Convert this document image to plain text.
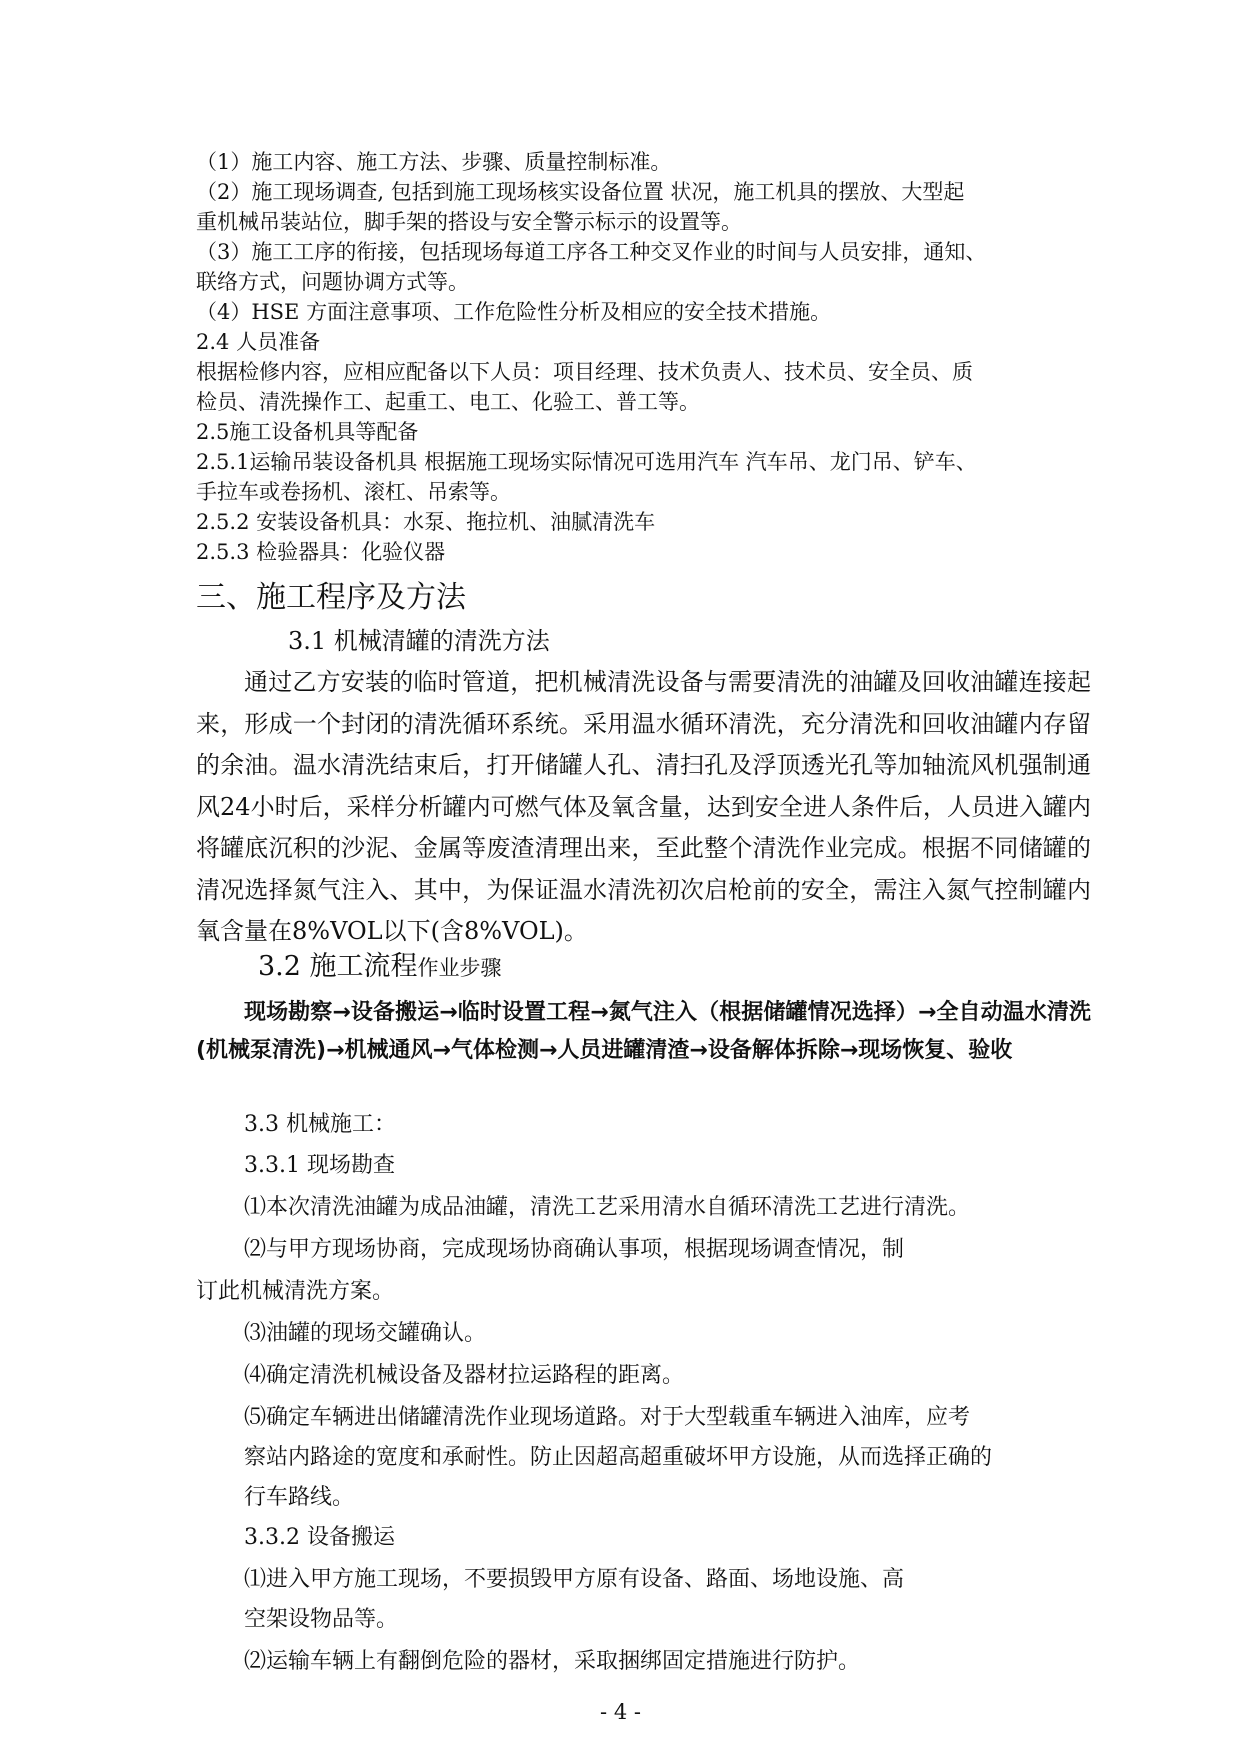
（1）施工内容、施工方法、步骤、质量控制标准。
（2）施工现场调查, 包括到施工现场核实设备位置 状况，施工机具的摆放、大型起
重机械吊装站位，脚手架的搭设与安全警示标示的设置等。
（3）施工工序的衔接，包括现场每道工序各工种交叉作业的时间与人员安排，通知、
联络方式，问题协调方式等。
（4）HSE 方面注意事项、工作危险性分析及相应的安全技术措施。
2.4 人员准备
根据检修内容，应相应配备以下人员：项目经理、技术负责人、技术员、安全员、质
检员、清洗操作工、起重工、电工、化验工、普工等。
2.5施工设备机具等配备
2.5.1运输吊装设备机具 根据施工现场实际情况可选用汽车 汽车吊、龙门吊、铲车、
手拉车或卷扬机、滚杠、吊索等。
2.5.2 安装设备机具：水泵、拖拉机、油腻清洗车
2.5.3 检验器具：化验仪器
三、施工程序及方法
3.1 机械清罐的清洗方法
通过乙方安装的临时管道，把机械清洗设备与需要清洗的油罐及回收油罐连接起来，形成一个封闭的清洗循环系统。采用温水循环清洗，充分清洗和回收油罐内存留的余油。温水清洗结束后，打开储罐人孔、清扫孔及浮顶透光孔等加轴流风机强制通风24小时后，采样分析罐内可燃气体及氧含量，达到安全进人条件后，人员进入罐内将罐底沉积的沙泥、金属等废渣清理出来，至此整个清洗作业完成。根据不同储罐的清况选择氮气注入、其中，为保证温水清洗初次启枪前的安全，需注入氮气控制罐内氧含量在8%VOL以下(含8%VOL)。
3.2 施工流程作业步骤
现场勘察→设备搬运→临时设置工程→氮气注入（根据储罐情况选择）→全自动温水清洗(机械泵清洗)→机械通风→气体检测→人员进罐清渣→设备解体拆除→现场恢复、验收
3.3 机械施工：
3.3.1 现场勘查
⑴本次清洗油罐为成品油罐，清洗工艺采用清水自循环清洗工艺进行清洗。
⑵与甲方现场协商，完成现场协商确认事项，根据现场调查情况，制
订此机械清洗方案。
⑶油罐的现场交罐确认。
⑷确定清洗机械设备及器材拉运路程的距离。
⑸确定车辆进出储罐清洗作业现场道路。对于大型载重车辆进入油库，应考
察站内路途的宽度和承耐性。防止因超高超重破坏甲方设施，从而选择正确的
行车路线。
3.3.2 设备搬运
⑴进入甲方施工现场，不要损毁甲方原有设备、路面、场地设施、高
空架设物品等。
⑵运输车辆上有翻倒危险的器材，采取捆绑固定措施进行防护。
- 4 -
